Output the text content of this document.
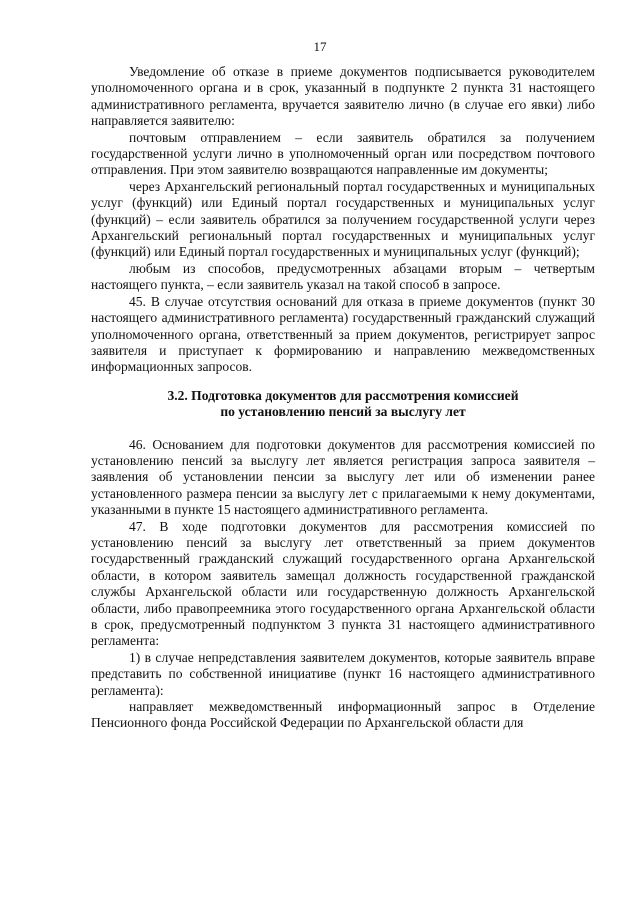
17

Уведомление об отказе в приеме документов подписывается руководителем уполномоченного органа и в срок, указанный в подпункте 2 пункта 31 настоящего административного регламента, вручается заявителю лично (в случае его явки) либо направляется заявителю:

почтовым отправлением – если заявитель обратился за получением государственной услуги лично в уполномоченный орган или посредством почтового отправления. При этом заявителю возвращаются направленные им документы;

через Архангельский региональный портал государственных и муниципальных услуг (функций) или Единый портал государственных и муниципальных услуг (функций) – если заявитель обратился за получением государственной услуги через Архангельский региональный портал государственных и муниципальных услуг (функций) или Единый портал государственных и муниципальных услуг (функций);

любым из способов, предусмотренных абзацами вторым – четвертым настоящего пункта, – если заявитель указал на такой способ в запросе.

45. В случае отсутствия оснований для отказа в приеме документов (пункт 30 настоящего административного регламента) государственный гражданский служащий уполномоченного органа, ответственный за прием документов, регистрирует запрос заявителя и приступает к формированию и направлению межведомственных информационных запросов.

3.2. Подготовка документов для рассмотрения комиссией
по установлению пенсий за выслугу лет

46. Основанием для подготовки документов для рассмотрения комиссией по установлению пенсий за выслугу лет является регистрация запроса заявителя – заявления об установлении пенсии за выслугу лет или об изменении ранее установленного размера пенсии за выслугу лет с прилагаемыми к нему документами, указанными в пункте 15 настоящего административного регламента.

47. В ходе подготовки документов для рассмотрения комиссией по установлению пенсий за выслугу лет ответственный за прием документов государственный гражданский служащий государственного органа Архангельской области, в котором заявитель замещал должность государственной гражданской службы Архангельской области или государственную должность Архангельской области, либо правопреемника этого государственного органа Архангельской области в срок, предусмотренный подпунктом 3 пункта 31 настоящего административного регламента:

1) в случае непредставления заявителем документов, которые заявитель вправе представить по собственной инициативе (пункт 16 настоящего административного регламента):

направляет межведомственный информационный запрос в Отделение Пенсионного фонда Российской Федерации по Архангельской области для
